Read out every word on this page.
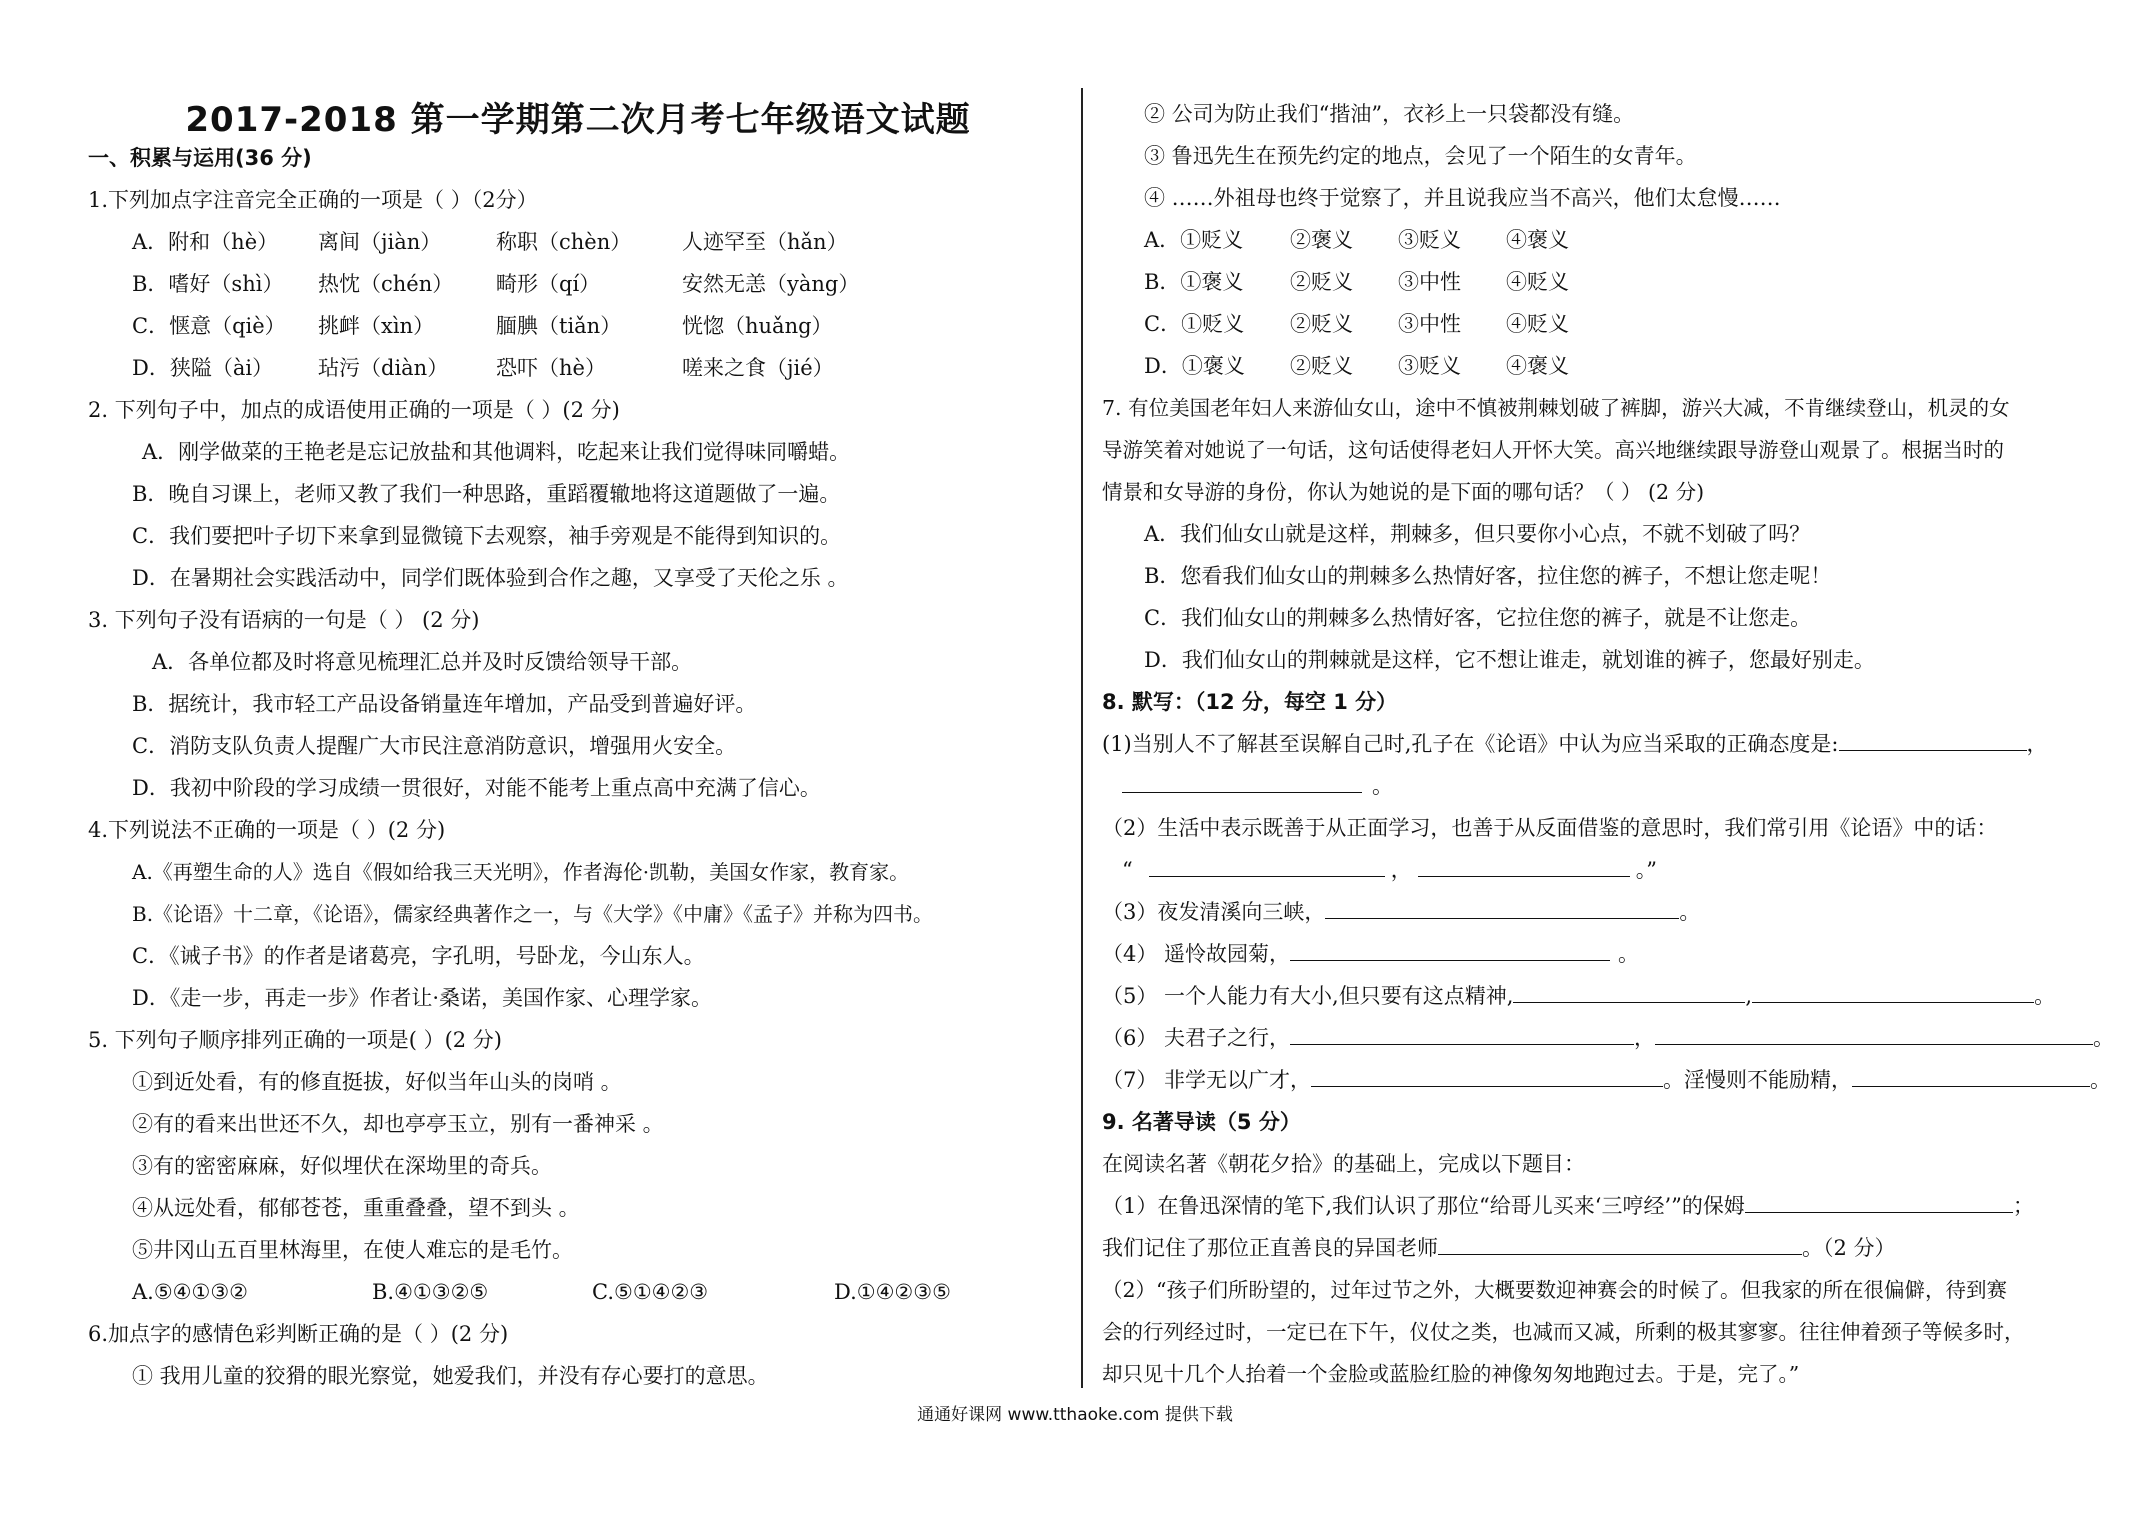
2017-2018 第一学期第二次月考七年级语文试题
一、积累与运用(36 分)
1.下列加点字注音完全正确的一项是（ ）（2分）
A．附和（hè） 离间（jiàn）	称职（chèn） 人迹罕至（hǎn）
B．嗜好（shì） 热忱（chén） 畸形（qí）	安然无恙（yàng）
C．惬意（qiè） 挑衅（xìn）	腼腆（tiǎn）	恍惚（huǎng）
D．狭隘（ài） 玷污（diàn） 恐吓（hè）	嗟来之食（jié）
2. 下列句子中，加点的成语使用正确的一项是（ ）(2 分)
A．刚学做菜的王艳老是忘记放盐和其他调料，吃起来让我们觉得味同嚼蜡。
B．晚自习课上，老师又教了我们一种思路，重蹈覆辙地将这道题做了一遍。
C．我们要把叶子切下来拿到显微镜下去观察，袖手旁观是不能得到知识的。
D．在暑期社会实践活动中，同学们既体验到合作之趣，又享受了天伦之乐 。
3. 下列句子没有语病的一句是（ ） (2 分)
A．各单位都及时将意见梳理汇总并及时反馈给领导干部。
B．据统计，我市轻工产品设备销量连年增加，产品受到普遍好评。
C．消防支队负责人提醒广大市民注意消防意识，增强用火安全。
D．我初中阶段的学习成绩一贯很好，对能不能考上重点高中充满了信心。
4.下列说法不正确的一项是（ ）(2 分)
A.《再塑生命的人》选自《假如给我三天光明》，作者海伦·凯勒，美国女作家，教育家。
B.《论语》十二章，《论语》，儒家经典著作之一，与《大学》《中庸》《孟子》并称为四书。
C．《诫子书》的作者是诸葛亮，字孔明，号卧龙，今山东人。
D．《走一步，再走一步》作者让·桑诺，美国作家、心理学家。
5. 下列句子顺序排列正确的一项是( ）(2 分)
①到近处看，有的修直挺拔，好似当年山头的岗哨 。
②有的看来出世还不久，却也亭亭玉立，别有一番神采 。
③有的密密麻麻，好似埋伏在深坳里的奇兵。
④从远处看，郁郁苍苍，重重叠叠，望不到头 。
⑤井冈山五百里林海里，在使人难忘的是毛竹。
A.⑤④①③②	B.④①③②⑤	C.⑤①④②③	D.①④②③⑤
6.加点字的感情色彩判断正确的是（ ）(2 分)
① 我用儿童的狡猾的眼光察觉，她爱我们，并没有存心要打的意思。
② 公司为防止我们“揩油”，衣衫上一只袋都没有缝。
③ 鲁迅先生在预先约定的地点，会见了一个陌生的女青年。
④ ……外祖母也终于觉察了，并且说我应当不高兴，他们太怠慢……
A．①贬义 ②褒义 ③贬义 ④褒义
B．①褒义 ②贬义 ③中性 ④贬义
C．①贬义 ②贬义 ③中性 ④贬义
D．①褒义 ②贬义 ③贬义 ④褒义
7. 有位美国老年妇人来游仙女山，途中不慎被荆棘划破了裤脚，游兴大减，不肯继续登山，机灵的女
导游笑着对她说了一句话，这句话使得老妇人开怀大笑。高兴地继续跟导游登山观景了。根据当时的
情景和女导游的身份，你认为她说的是下面的哪句话？（ ） (2 分)
A．我们仙女山就是这样，荆棘多，但只要你小心点，不就不划破了吗？
B．您看我们仙女山的荆棘多么热情好客，拉住您的裤子，不想让您走呢！
C．我们仙女山的荆棘多么热情好客，它拉住您的裤子，就是不让您走。
D．我们仙女山的荆棘就是这样，它不想让谁走，就划谁的裤子，您最好别走。
8. 默写：（12 分，每空 1 分）
(1)当别人不了解甚至误解自己时,孔子在《论语》中认为应当采取的正确态度是:	，
。
（2）生活中表示既善于从正面学习，也善于从反面借鉴的意思时，我们常引用《论语》中的话：
“	，	。”
（3）夜发清溪向三峡，	。
（4） 遥怜故园菊，	。
（5） 一个人能力有大小,但只要有这点精神,	,	。
（6） 夫君子之行，	，	。
（7） 非学无以广才，	。淫慢则不能励精，	。
9. 名著导读（5 分）
在阅读名著《朝花夕拾》的基础上，完成以下题目：
（1）在鲁迅深情的笔下,我们认识了那位“给哥儿买来‘三哼经’”的保姆	；
我们记住了那位正直善良的异国老师	。（2 分）
（2）“孩子们所盼望的，过年过节之外，大概要数迎神赛会的时候了。但我家的所在很偏僻，待到赛
会的行列经过时，一定已在下午，仪仗之类，也减而又减，所剩的极其寥寥。往往伸着颈子等候多时，
却只见十几个人抬着一个金脸或蓝脸红脸的神像匆匆地跑过去。于是，完了。”
通通好课网 www.tthaoke.com 提供下载
